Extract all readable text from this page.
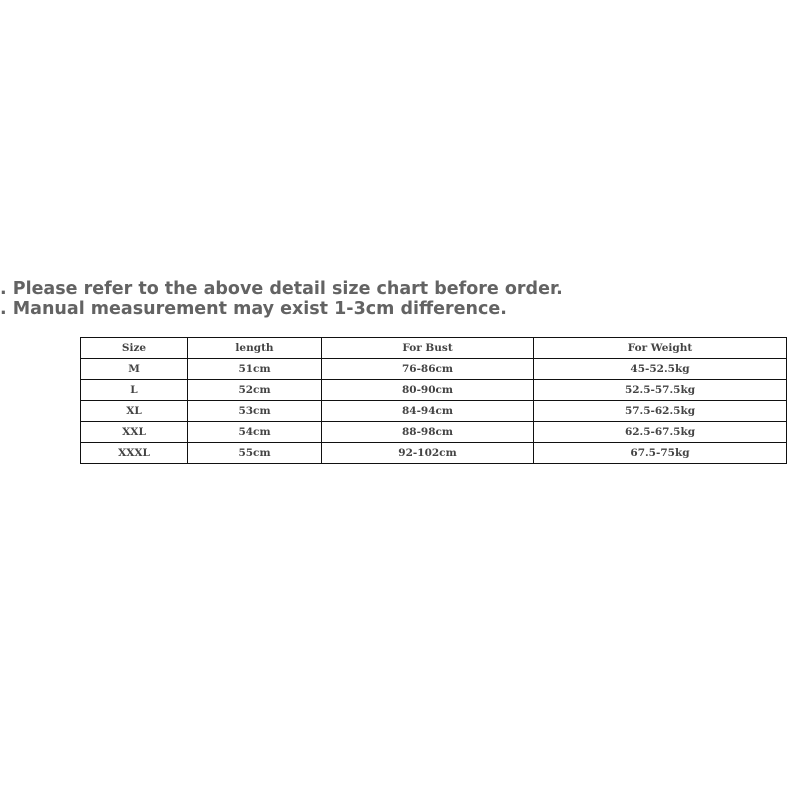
. Please refer to the above detail size chart before order.

. Manual measurement may exist 1-3cm difference.

Size	length	For Bust	For Weight
M	51cm	76-86cm	45-52.5kg
L	52cm	80-90cm	52.5-57.5kg
XL	53cm	84-94cm	57.5-62.5kg
XXL	54cm	88-98cm	62.5-67.5kg
XXXL	55cm	92-102cm	67.5-75kg
